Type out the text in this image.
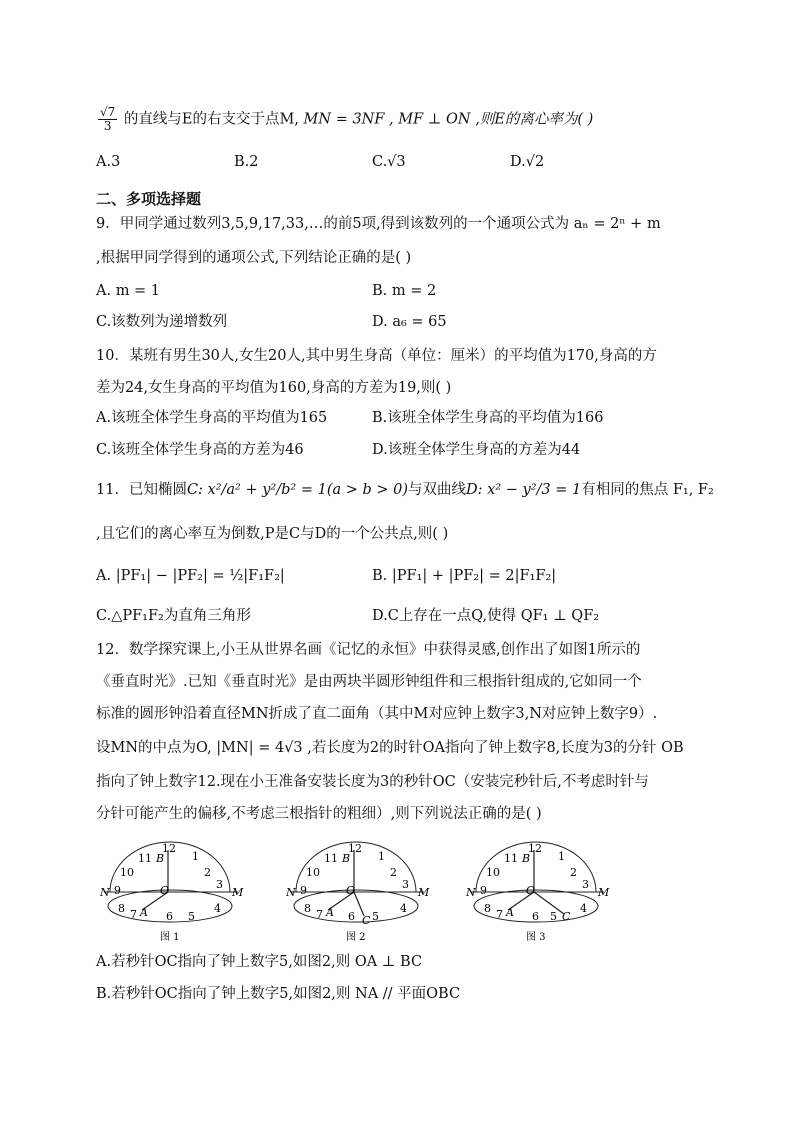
$\frac{√7}{3}$ 的直线与E的右支交于点M, MN = 3NF , MF ⊥ ON ,则E的离心率为( )
A.3	B.2	C.√3	D.√2
二、多项选择题
9．甲同学通过数列3,5,9,17,33,…的前5项,得到该数列的一个通项公式为 aₙ = 2ⁿ + m
,根据甲同学得到的通项公式,下列结论正确的是( )
A. m = 1	B. m = 2
C.该数列为递增数列	D. a₆ = 65
10．某班有男生30人,女生20人,其中男生身高（单位：厘米）的平均值为170,身高的方
差为24,女生身高的平均值为160,身高的方差为19,则( )
A.该班全体学生身高的平均值为165	B.该班全体学生身高的平均值为166
C.该班全体学生身高的方差为46	D.该班全体学生身高的方差为44
11．已知椭圆C: x²/a² + y²/b² = 1(a > b > 0)与双曲线D: x² − y²/3 = 1有相同的焦点 F₁, F₂
,且它们的离心率互为倒数,P是C与D的一个公共点,则( )
A. |PF₁| − |PF₂| = ½|F₁F₂|	B. |PF₁| + |PF₂| = 2|F₁F₂|
C.△PF₁F₂为直角三角形	D.C上存在一点Q,使得 QF₁ ⊥ QF₂
12．数学探究课上,小王从世界名画《记忆的永恒》中获得灵感,创作出了如图1所示的
《垂直时光》.已知《垂直时光》是由两块半圆形钟组件和三根指针组成的,它如同一个
标准的圆形钟沿着直径MN折成了直二面角（其中M对应钟上数字3,N对应钟上数字9）.
设MN的中点为O, |MN| = 4√3 ,若长度为2的时针OA指向了钟上数字8,长度为3的分针 OB
指向了钟上数字12.现在小王准备安装长度为3的秒针OC（安装完秒针后,不考虑时针与
分针可能产生的偏移,不考虑三根指针的粗细）,则下列说法正确的是( )
12
1
11
2
10
9	3
N	M
O
B
8 7 A 6 5
4
图 1
12
1
11
2
10
9	3
N	M
O
B
8 7 A 6 C 5
4
图 2
12
1
11
2
10
9	3
N	M
O
B
8 7 A 6 5 C
4
图 3
A.若秒针OC指向了钟上数字5,如图2,则 OA ⊥ BC
B.若秒针OC指向了钟上数字5,如图2,则 NA // 平面OBC
